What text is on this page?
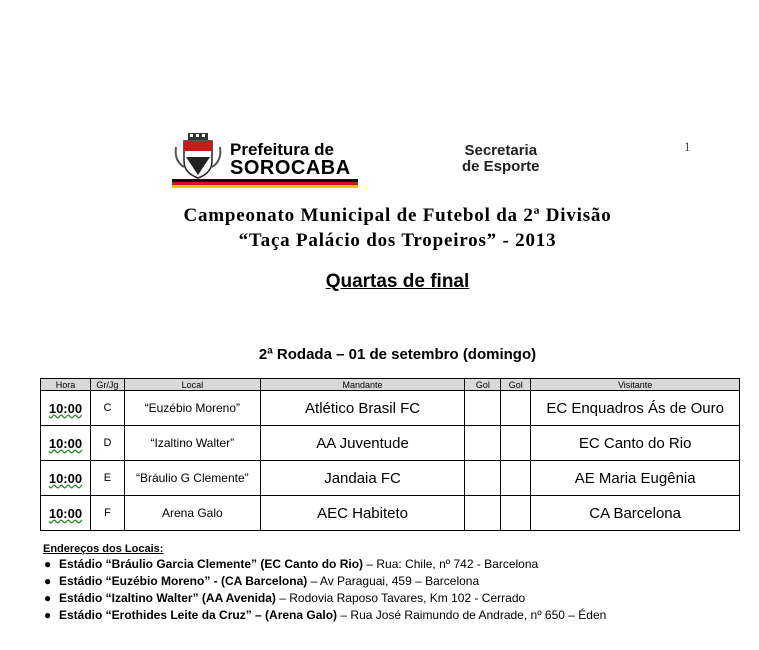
Prefeitura de
SOROCABA
Secretaria
de Esporte
1
Campeonato Municipal de Futebol da 2ª Divisão
“Taça Palácio dos Tropeiros” - 2013
Quartas de final
2ª Rodada – 01 de setembro (domingo)
Hora	Gr/Jg	Local	Mandante	Gol	Gol	Visitante
10:00	C	“Euzébio Moreno”	Atlético Brasil FC			EC Enquadros Ás de Ouro
10:00	D	“Izaltino Walter”	AA Juventude			EC Canto do Rio
10:00	E	“Bráulio G Clemente”	Jandaia FC			AE Maria Eugênia
10:00	F	Arena Galo	AEC Habiteto			CA Barcelona
Endereços dos Locais:
● Estádio “Bráulio Garcia Clemente” (EC Canto do Rio) – Rua: Chile, nº 742 - Barcelona
● Estádio “Euzébio Moreno” - (CA Barcelona) – Av Paraguai, 459 – Barcelona
● Estádio “Izaltino Walter” (AA Avenida) – Rodovia Raposo Tavares, Km 102 - Cerrado
● Estádio “Erothides Leite da Cruz” – (Arena Galo) – Rua José Raimundo de Andrade, nº 650 – Éden
